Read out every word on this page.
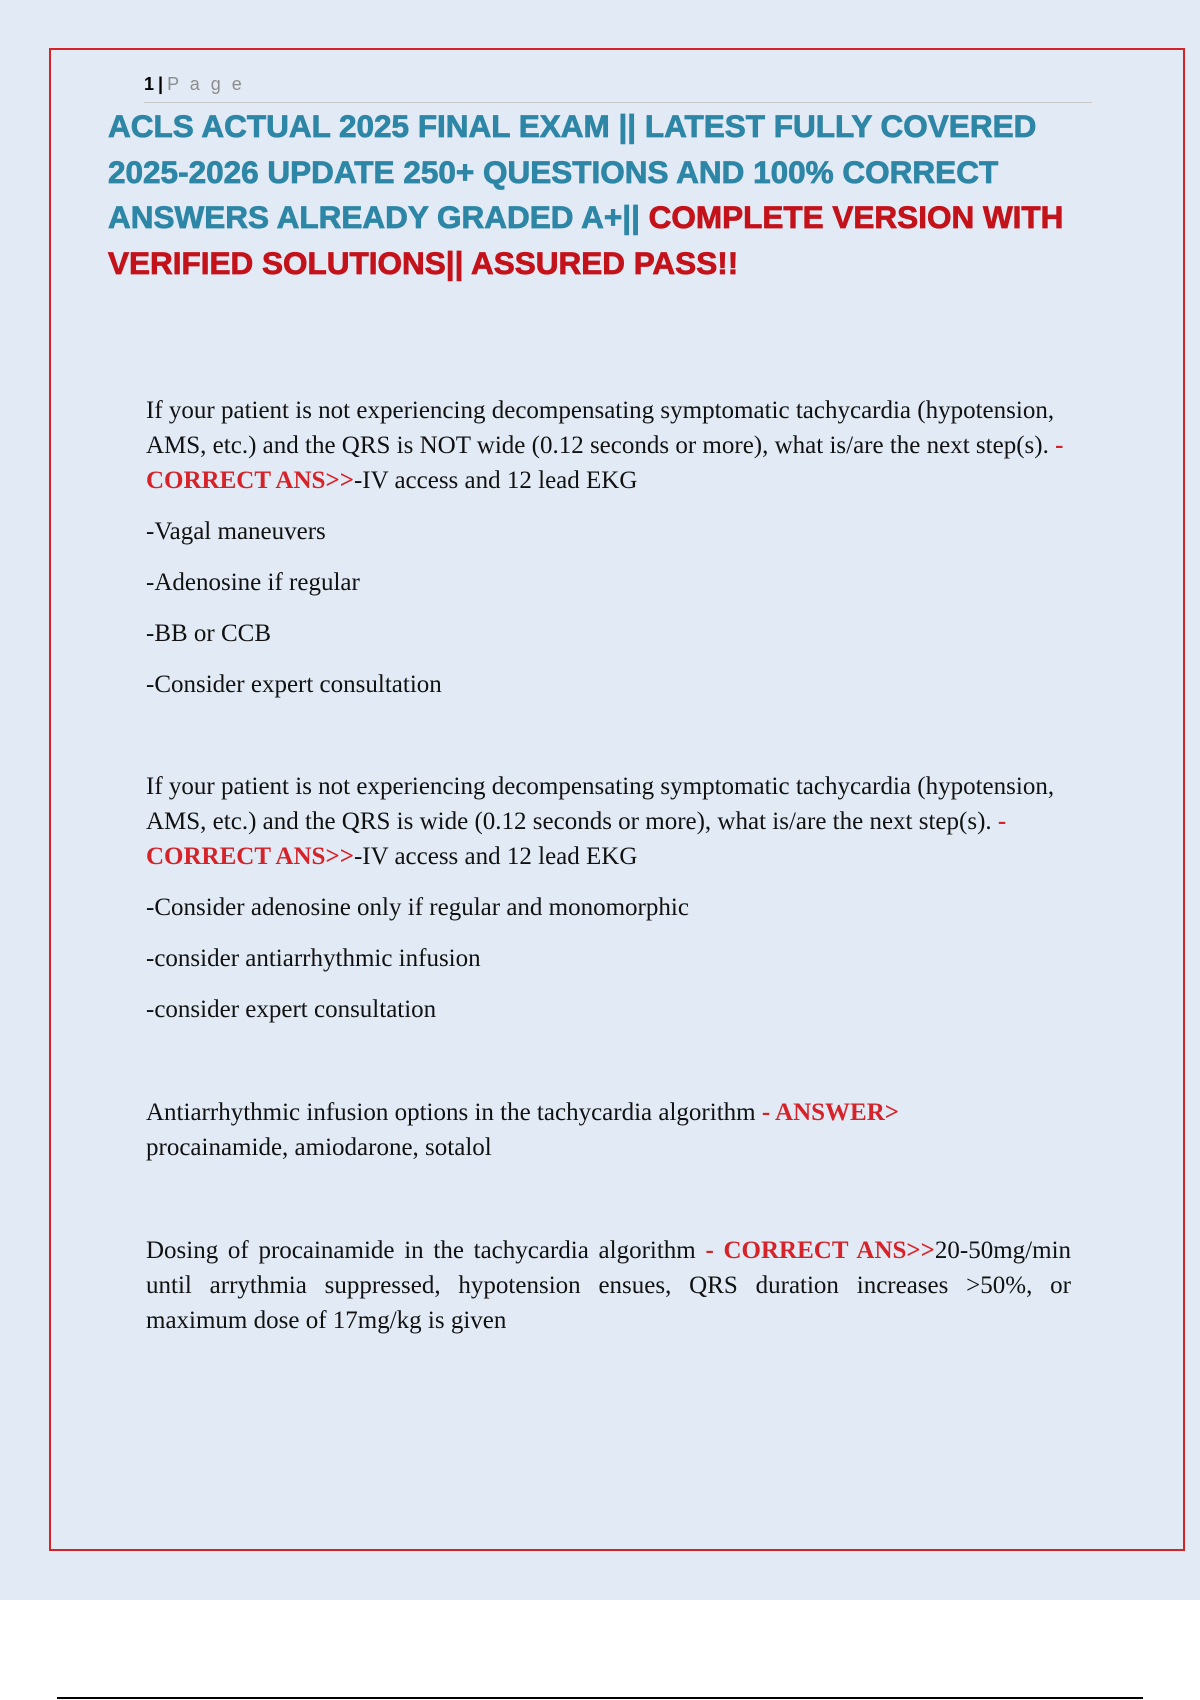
1 | P a g e
ACLS ACTUAL 2025 FINAL EXAM || LATEST FULLY COVERED 2025-2026 UPDATE 250+ QUESTIONS AND 100% CORRECT ANSWERS ALREADY GRADED A+|| COMPLETE VERSION WITH VERIFIED SOLUTIONS|| ASSURED PASS!!

If your patient is not experiencing decompensating symptomatic tachycardia (hypotension, AMS, etc.) and the QRS is NOT wide (0.12 seconds or more), what is/are the next step(s). - CORRECT ANS>>-IV access and 12 lead EKG

-Vagal maneuvers

-Adenosine if regular

-BB or CCB

-Consider expert consultation

If your patient is not experiencing decompensating symptomatic tachycardia (hypotension, AMS, etc.) and the QRS is wide (0.12 seconds or more), what is/are the next step(s). - CORRECT ANS>>-IV access and 12 lead EKG

-Consider adenosine only if regular and monomorphic

-consider antiarrhythmic infusion

-consider expert consultation

Antiarrhythmic infusion options in the tachycardia algorithm - ANSWER>
procainamide, amiodarone, sotalol

Dosing of procainamide in the tachycardia algorithm - CORRECT ANS>>20-50mg/min until arrythmia suppressed, hypotension ensues, QRS duration increases >50%, or maximum dose of 17mg/kg is given
